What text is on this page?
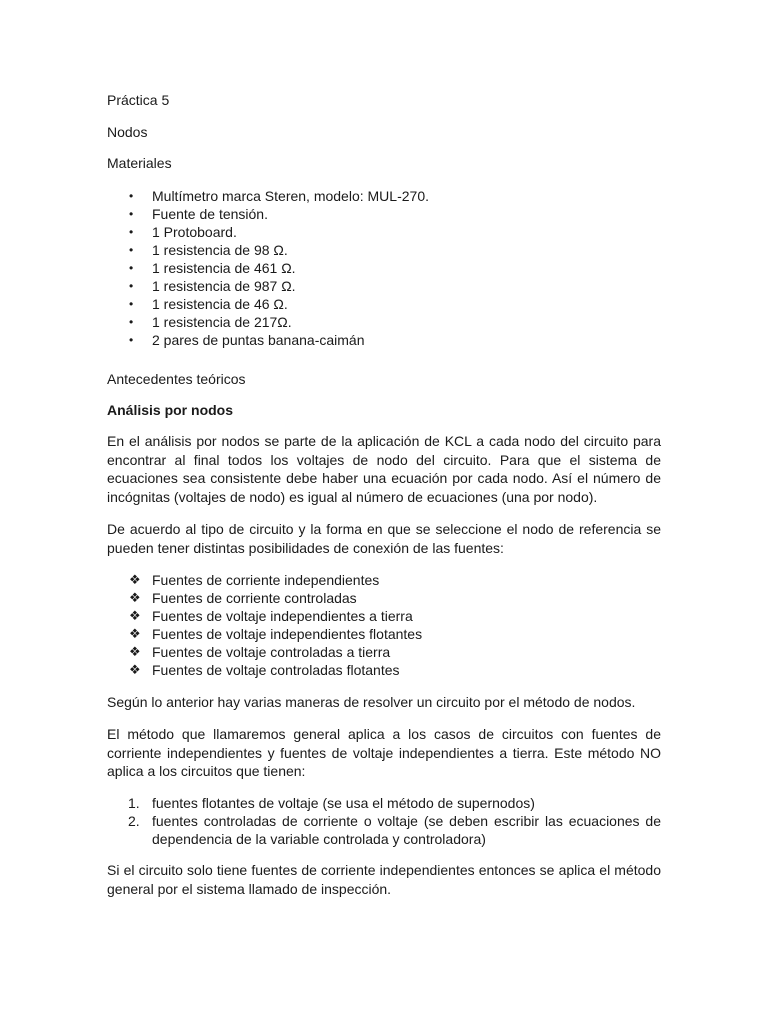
Práctica 5
Nodos
Materiales
• Multímetro marca Steren, modelo: MUL-270.
• Fuente de tensión.
• 1 Protoboard.
• 1 resistencia de 98 Ω.
• 1 resistencia de 461 Ω.
• 1 resistencia de 987 Ω.
• 1 resistencia de 46 Ω.
• 1 resistencia de 217Ω.
• 2 pares de puntas banana-caimán
Antecedentes teóricos
Análisis por nodos
En el análisis por nodos se parte de la aplicación de KCL a cada nodo del circuito para encontrar al final todos los voltajes de nodo del circuito. Para que el sistema de ecuaciones sea consistente debe haber una ecuación por cada nodo. Así el número de incógnitas (voltajes de nodo) es igual al número de ecuaciones (una por nodo).
De acuerdo al tipo de circuito y la forma en que se seleccione el nodo de referencia se pueden tener distintas posibilidades de conexión de las fuentes:
❖ Fuentes de corriente independientes
❖ Fuentes de corriente controladas
❖ Fuentes de voltaje independientes a tierra
❖ Fuentes de voltaje independientes flotantes
❖ Fuentes de voltaje controladas a tierra
❖ Fuentes de voltaje controladas flotantes
Según lo anterior hay varias maneras de resolver un circuito por el método de nodos.
El método que llamaremos general aplica a los casos de circuitos con fuentes de corriente independientes y fuentes de voltaje independientes a tierra. Este método NO aplica a los circuitos que tienen:
1. fuentes flotantes de voltaje (se usa el método de supernodos)
2. fuentes controladas de corriente o voltaje (se deben escribir las ecuaciones de dependencia de la variable controlada y controladora)
Si el circuito solo tiene fuentes de corriente independientes entonces se aplica el método general por el sistema llamado de inspección.
